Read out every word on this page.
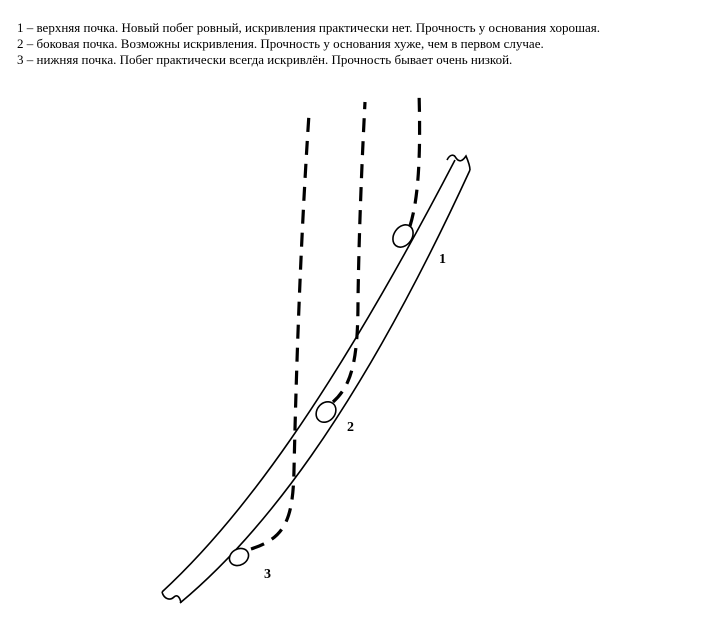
1 – верхняя почка. Новый побег ровный, искривления практически нет. Прочность у основания хорошая.
2 – боковая почка. Возможны искривления. Прочность у основания хуже, чем в первом случае.
3 – нижняя почка. Побег практически всегда искривлён. Прочность бывает очень низкой.
1
2
3
